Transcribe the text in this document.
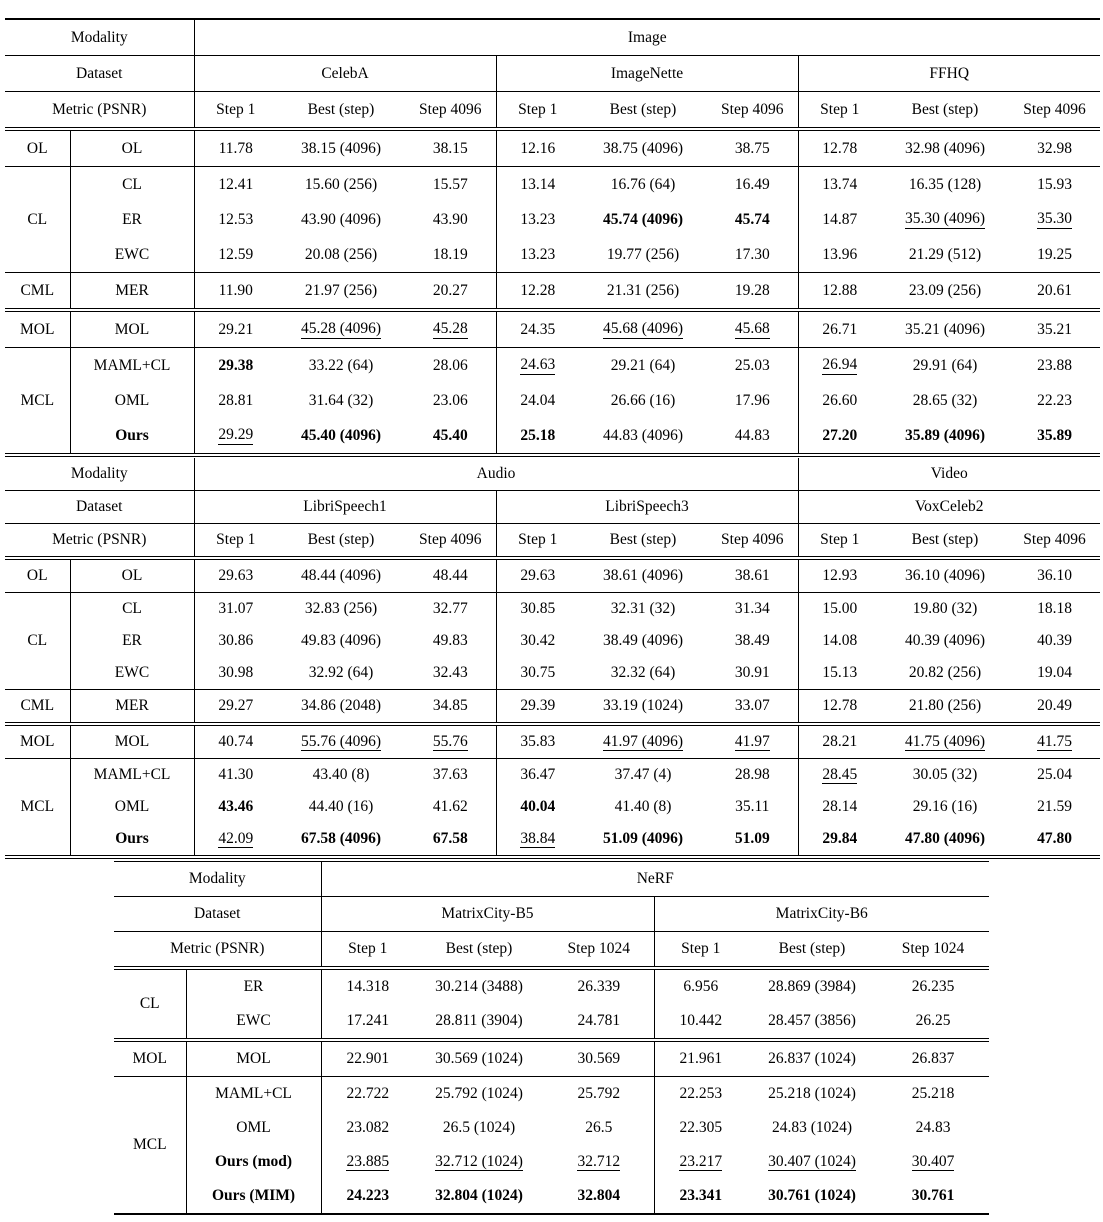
Modality		Image								
Dataset		CelebA			ImageNette			FFHQ		
Metric (PSNR)		Step 1	Best (step)	Step 4096	Step 1	Best (step)	Step 4096	Step 1	Best (step)	Step 4096
OL	OL	11.78	38.15 (4096)	38.15	12.16	38.75 (4096)	38.75	12.78	32.98 (4096)	32.98
CL	CL	12.41	15.60 (256)	15.57	13.14	16.76 (64)	16.49	13.74	16.35 (128)	15.93
	ER	12.53	43.90 (4096)	43.90	13.23	45.74 (4096)	45.74	14.87	35.30 (4096)	35.30
	EWC	12.59	20.08 (256)	18.19	13.23	19.77 (256)	17.30	13.96	21.29 (512)	19.25
CML	MER	11.90	21.97 (256)	20.27	12.28	21.31 (256)	19.28	12.88	23.09 (256)	20.61
MOL	MOL	29.21	45.28 (4096)	45.28	24.35	45.68 (4096)	45.68	26.71	35.21 (4096)	35.21
MCL	MAML+CL	29.38	33.22 (64)	28.06	24.63	29.21 (64)	25.03	26.94	29.91 (64)	23.88
	OML	28.81	31.64 (32)	23.06	24.04	26.66 (16)	17.96	26.60	28.65 (32)	22.23
	Ours	29.29	45.40 (4096)	45.40	25.18	44.83 (4096)	44.83	27.20	35.89 (4096)	35.89
Modality		Audio						Video		
Dataset		LibriSpeech1			LibriSpeech3			VoxCeleb2		
Metric (PSNR)		Step 1	Best (step)	Step 4096	Step 1	Best (step)	Step 4096	Step 1	Best (step)	Step 4096
OL	OL	29.63	48.44 (4096)	48.44	29.63	38.61 (4096)	38.61	12.93	36.10 (4096)	36.10
CL	CL	31.07	32.83 (256)	32.77	30.85	32.31 (32)	31.34	15.00	19.80 (32)	18.18
	ER	30.86	49.83 (4096)	49.83	30.42	38.49 (4096)	38.49	14.08	40.39 (4096)	40.39
	EWC	30.98	32.92 (64)	32.43	30.75	32.32 (64)	30.91	15.13	20.82 (256)	19.04
CML	MER	29.27	34.86 (2048)	34.85	29.39	33.19 (1024)	33.07	12.78	21.80 (256)	20.49
MOL	MOL	40.74	55.76 (4096)	55.76	35.83	41.97 (4096)	41.97	28.21	41.75 (4096)	41.75
MCL	MAML+CL	41.30	43.40 (8)	37.63	36.47	37.47 (4)	28.98	28.45	30.05 (32)	25.04
	OML	43.46	44.40 (16)	41.62	40.04	41.40 (8)	35.11	28.14	29.16 (16)	21.59
	Ours	42.09	67.58 (4096)	67.58	38.84	51.09 (4096)	51.09	29.84	47.80 (4096)	47.80
Modality		NeRF					
Dataset		MatrixCity-B5			MatrixCity-B6		
Metric (PSNR)		Step 1	Best (step)	Step 1024	Step 1	Best (step)	Step 1024
CL	ER	14.318	30.214 (3488)	26.339	6.956	28.869 (3984)	26.235
	EWC	17.241	28.811 (3904)	24.781	10.442	28.457 (3856)	26.25
MOL	MOL	22.901	30.569 (1024)	30.569	21.961	26.837 (1024)	26.837
MCL	MAML+CL	22.722	25.792 (1024)	25.792	22.253	25.218 (1024)	25.218
	OML	23.082	26.5 (1024)	26.5	22.305	24.83 (1024)	24.83
	Ours (mod)	23.885	32.712 (1024)	32.712	23.217	30.407 (1024)	30.407
	Ours (MIM)	24.223	32.804 (1024)	32.804	23.341	30.761 (1024)	30.761
